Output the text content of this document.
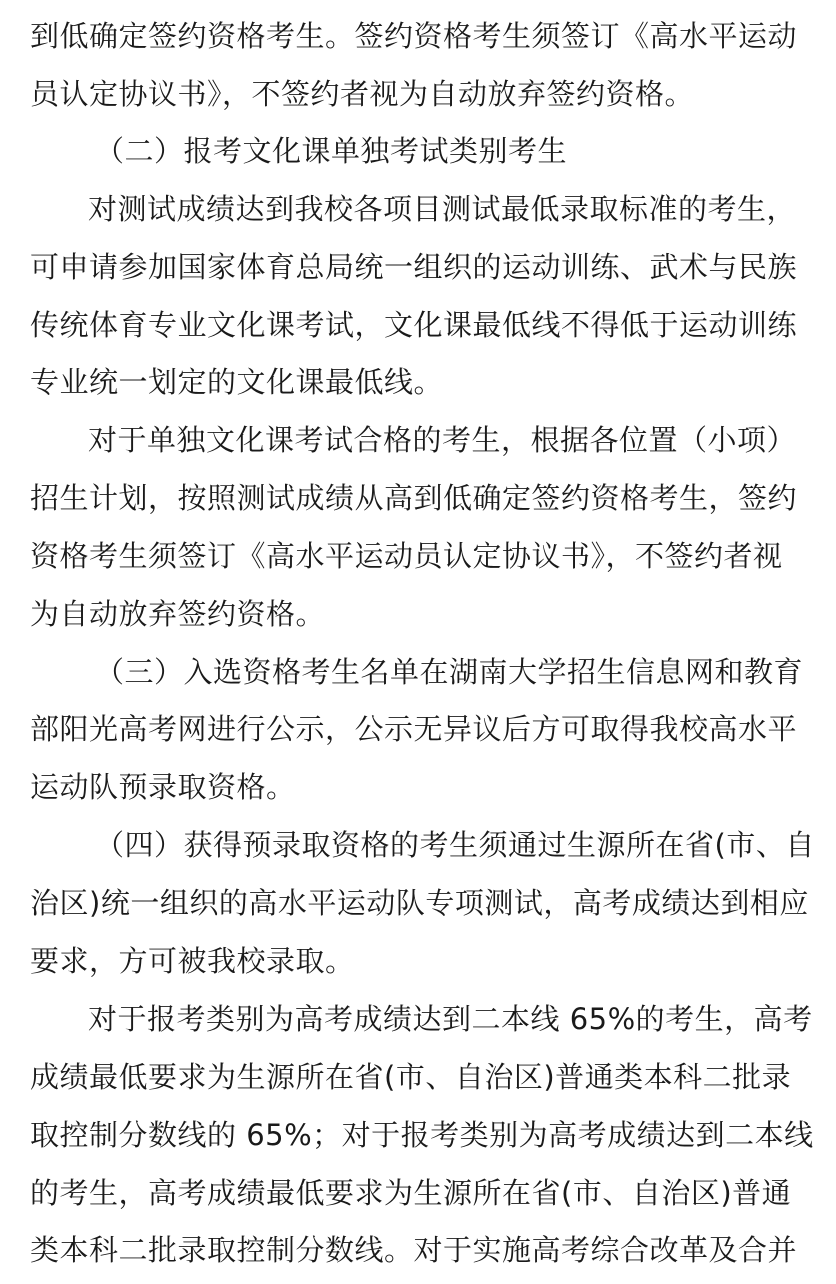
到低确定签约资格考生。签约资格考生须签订《高水平运动
员认定协议书》，不签约者视为自动放弃签约资格。
（二）报考文化课单独考试类别考生
对测试成绩达到我校各项目测试最低录取标准的考生，
可申请参加国家体育总局统一组织的运动训练、武术与民族
传统体育专业文化课考试，文化课最低线不得低于运动训练
专业统一划定的文化课最低线。
对于单独文化课考试合格的考生，根据各位置（小项）
招生计划，按照测试成绩从高到低确定签约资格考生，签约
资格考生须签订《高水平运动员认定协议书》，不签约者视
为自动放弃签约资格。
（三）入选资格考生名单在湖南大学招生信息网和教育
部阳光高考网进行公示，公示无异议后方可取得我校高水平
运动队预录取资格。
（四）获得预录取资格的考生须通过生源所在省(市、自
治区)统一组织的高水平运动队专项测试，高考成绩达到相应
要求，方可被我校录取。
对于报考类别为高考成绩达到二本线 65%的考生，高考
成绩最低要求为生源所在省(市、自治区)普通类本科二批录
取控制分数线的 65%；对于报考类别为高考成绩达到二本线
的考生，高考成绩最低要求为生源所在省(市、自治区)普通
类本科二批录取控制分数线。对于实施高考综合改革及合并
